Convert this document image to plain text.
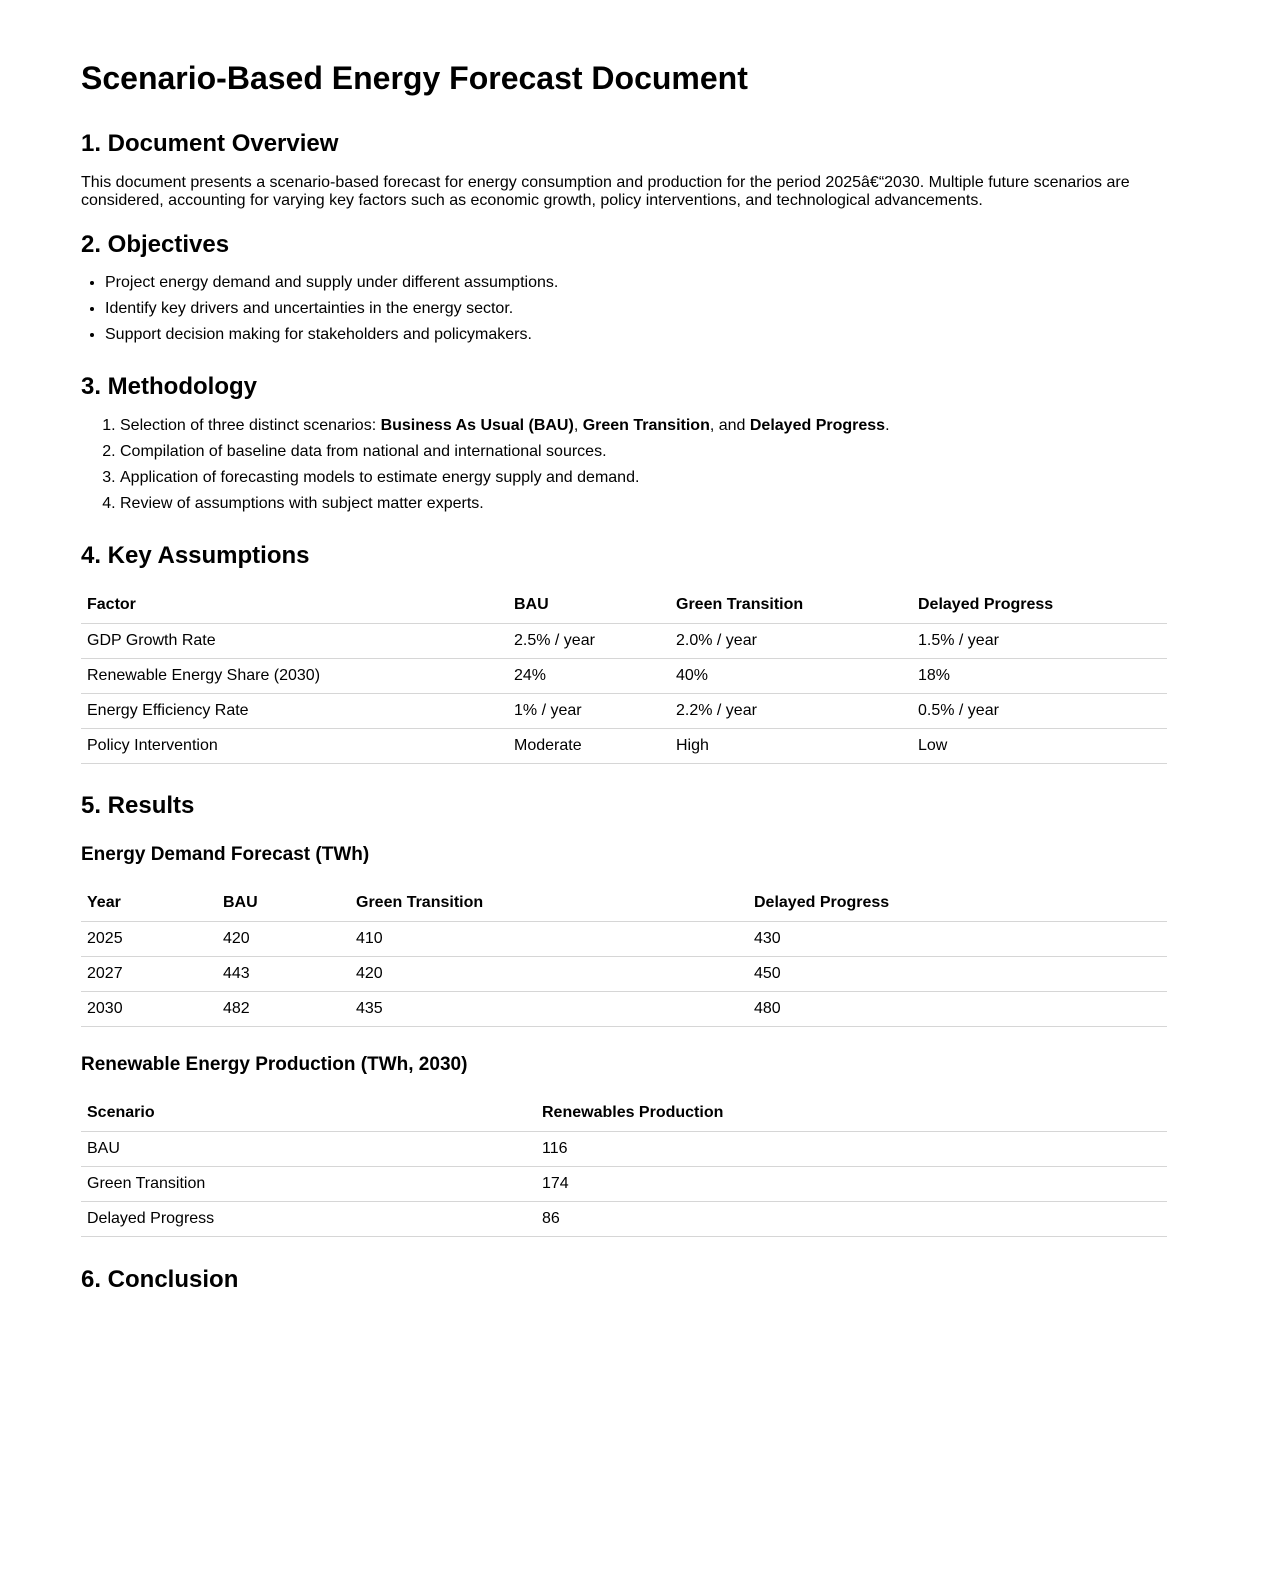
Scenario-Based Energy Forecast Document
1. Document Overview

This document presents a scenario-based forecast for energy consumption and production for the period 2025â€“2030. Multiple future scenarios are considered, accounting for varying key factors such as economic growth, policy interventions, and technological advancements.

2. Objectives
• Project energy demand and supply under different assumptions.
• Identify key drivers and uncertainties in the energy sector.
• Support decision making for stakeholders and policymakers.
3. Methodology
1. Selection of three distinct scenarios: Business As Usual (BAU), Green Transition, and Delayed Progress.
2. Compilation of baseline data from national and international sources.
3. Application of forecasting models to estimate energy supply and demand.
4. Review of assumptions with subject matter experts.
4. Key Assumptions
Factor	BAU	Green Transition	Delayed Progress
GDP Growth Rate	2.5% / year	2.0% / year	1.5% / year
Renewable Energy Share (2030)	24%	40%	18%
Energy Efficiency Rate	1% / year	2.2% / year	0.5% / year
Policy Intervention	Moderate	High	Low
5. Results
Energy Demand Forecast (TWh)
Year	BAU	Green Transition	Delayed Progress
2025	420	410	430
2027	443	420	450
2030	482	435	480
Renewable Energy Production (TWh, 2030)
Scenario	Renewables Production
BAU	116
Green Transition	174
Delayed Progress	86
6. Conclusion
